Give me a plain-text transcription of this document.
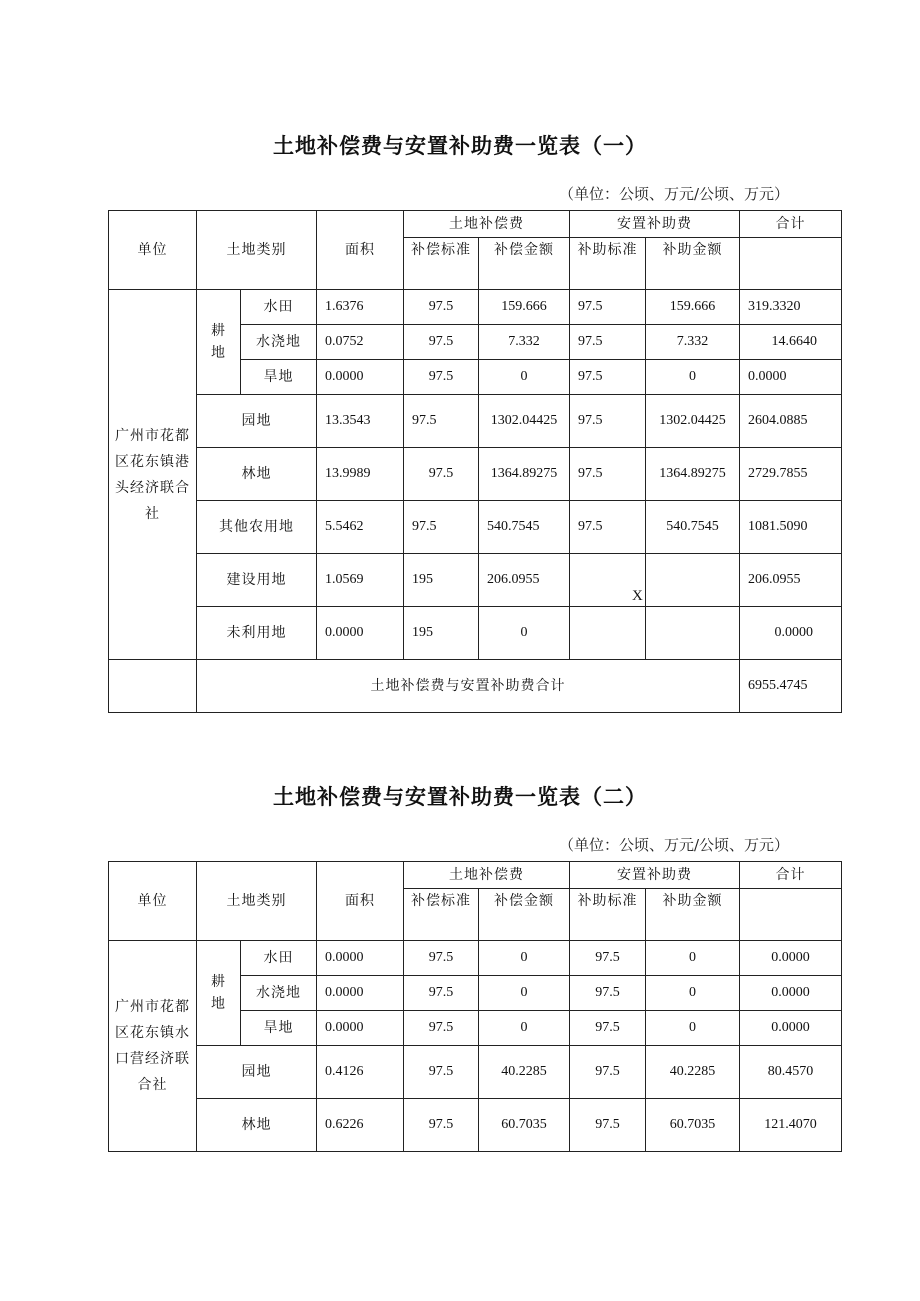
土地补偿费与安置补助费一览表（一）
（单位：公顷、万元/公顷、万元）
单位	土地类别		面积	土地补偿费		安置补助费		合计
				补偿标准	补偿金额	补助标准	补助金额	
广州市花都区花东镇港头经济联合社	耕地	水田	1.6376	97.5	159.666	97.5	159.666	319.3320
		水浇地	0.0752	97.5	7.332	97.5	7.332	14.6640
		旱地	0.0000	97.5	0	97.5	0	0.0000
	园地		13.3543	97.5	1302.04425	97.5	1302.04425	2604.0885
	林地		13.9989	97.5	1364.89275	97.5	1364.89275	2729.7855
	其他农用地		5.5462	97.5	540.7545	97.5	540.7545	1081.5090
	建设用地		1.0569	195	206.0955	X		206.0955
	未利用地		0.0000	195	0			0.0000
	土地补偿费与安置补助费合计							6955.4745
土地补偿费与安置补助费一览表（二）
（单位：公顷、万元/公顷、万元）
单位	土地类别		面积	土地补偿费		安置补助费		合计
				补偿标准	补偿金额	补助标准	补助金额	
广州市花都区花东镇水口营经济联合社	耕地	水田	0.0000	97.5	0	97.5	0	0.0000
		水浇地	0.0000	97.5	0	97.5	0	0.0000
		旱地	0.0000	97.5	0	97.5	0	0.0000
	园地		0.4126	97.5	40.2285	97.5	40.2285	80.4570
	林地		0.6226	97.5	60.7035	97.5	60.7035	121.4070
